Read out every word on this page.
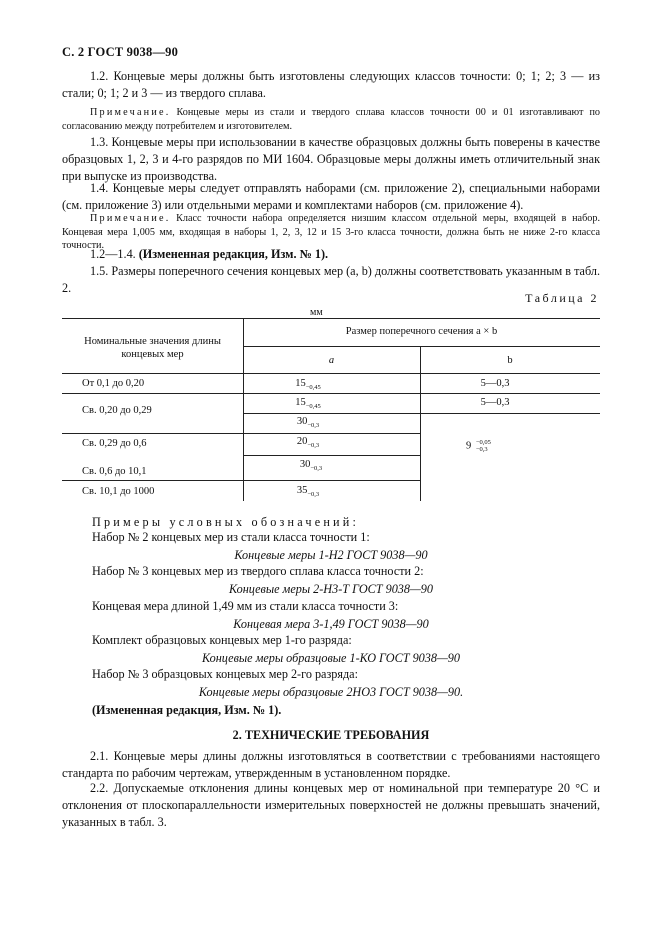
С. 2 ГОСТ 9038—90

1.2. Концевые меры должны быть изготовлены следующих классов точности: 0; 1; 2; 3 — из стали; 0; 1; 2 и 3 — из твердого сплава.

Примечание. Концевые меры из стали и твердого сплава классов точности 00 и 01 изготавливают по согласованию между потребителем и изготовителем.

1.3. Концевые меры при использовании в качестве образцовых должны быть поверены в качестве образцовых 1, 2, 3 и 4-го разрядов по МИ 1604. Образцовые меры должны иметь отличительный знак при выпуске из производства.

1.4. Концевые меры следует отправлять наборами (см. приложение 2), специальными наборами (см. приложение 3) или отдельными мерами и комплектами наборов (см. приложение 4).

Примечание. Класс точности набора определяется низшим классом отдельной меры, входящей в набор. Концевая мера 1,005 мм, входящая в наборы 1, 2, 3, 12 и 15 3-го класса точности, должна быть не ниже 2-го класса точности.

1.2—1.4. (Измененная редакция, Изм. № 1).

1.5. Размеры поперечного сечения концевых мер (a, b) должны соответствовать указанным в табл. 2.

Таблица 2
мм
Номинальные значения длины концевых мер
Размер поперечного сечения a × b
a	b
От 0,1 до 0,20
Св. 0,20 до 0,29
Св. 0,29 до 0,6
Св. 0,6 до 10,1
Св. 10,1 до 1000
$15_{-0,45}$
$15_{-0,45}$
$30_{-0,3}$
$20_{-0,3}$
$30_{-0,3}$
$35_{-0,3}$
5—0,3
5—0,3
9 −0,05
−0,3

Примеры условных обозначений:

Набор № 2 концевых мер из стали класса точности 1:

Концевые меры 1-Н2 ГОСТ 9038—90

Набор № 3 концевых мер из твердого сплава класса точности 2:

Концевые меры 2-Н3-Т ГОСТ 9038—90

Концевая мера длиной 1,49 мм из стали класса точности 3:

Концевая мера 3-1,49 ГОСТ 9038—90

Комплект образцовых концевых мер 1-го разряда:

Концевые меры образцовые 1-КО ГОСТ 9038—90

Набор № 3 образцовых концевых мер 2-го разряда:

Концевые меры образцовые 2НО3 ГОСТ 9038—90.

(Измененная редакция, Изм. № 1).

2. ТЕХНИЧЕСКИЕ ТРЕБОВАНИЯ

2.1. Концевые меры длины должны изготовляться в соответствии с требованиями настоящего стандарта по рабочим чертежам, утвержденным в установленном порядке.

2.2. Допускаемые отклонения длины концевых мер от номинальной при температуре 20 °С и отклонения от плоскопараллельности измерительных поверхностей не должны превышать значений, указанных в табл. 3.
